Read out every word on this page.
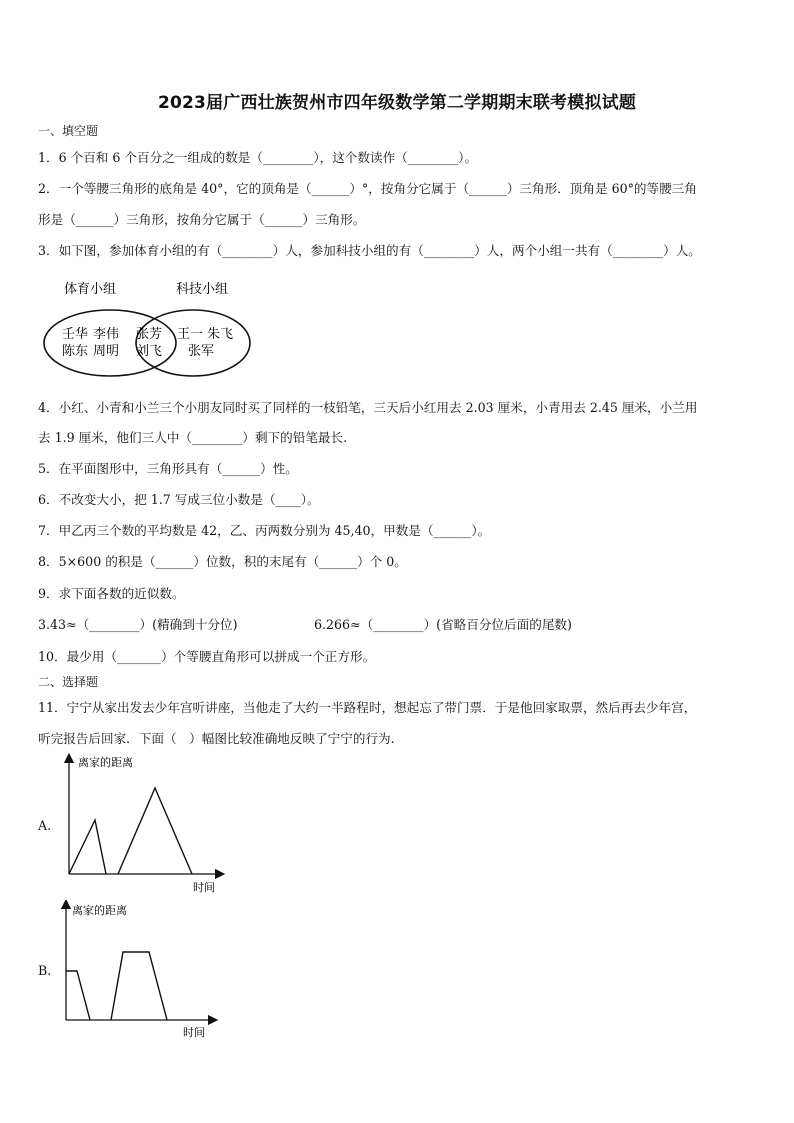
2023届广西壮族贺州市四年级数学第二学期期末联考模拟试题
一、填空题
1．6 个百和 6 个百分之一组成的数是（________），这个数读作（________）。
2．一个等腰三角形的底角是 40°，它的顶角是（______）°，按角分它属于（______）三角形．顶角是 60°的等腰三角
形是（______）三角形，按角分它属于（______）三角形。
3．如下图，参加体育小组的有（________）人，参加科技小组的有（________）人，两个小组一共有（________）人。
体育小组	科技小组
壬华 李伟
陈东 周明
张芳
刘飞
王一 朱飞
张军
4．小红、小青和小兰三个小朋友同时买了同样的一枝铅笔，三天后小红用去 2.03 厘米，小青用去 2.45 厘米，小兰用
去 1.9 厘米，他们三人中（________）剩下的铅笔最长.
5．在平面图形中，三角形具有（______）性。
6．不改变大小，把 1.7 写成三位小数是（____）。
7．甲乙丙三个数的平均数是 42，乙、丙两数分别为 45,40，甲数是（______）。
8．5×600 的积是（______）位数，积的末尾有（______）个 0。
9．求下面各数的近似数。
3.43≈（________）(精确到十分位)	6.266≈（________）(省略百分位后面的尾数)
10．最少用（_______）个等腰直角形可以拼成一个正方形。
二、选择题
11．宁宁从家出发去少年宫听讲座，当他走了大约一半路程时，想起忘了带门票．于是他回家取票，然后再去少年宫，
听完报告后回家．下面（　）幅图比较准确地反映了宁宁的行为.
A.
离家的距离
时间
B.
离家的距离
时间
